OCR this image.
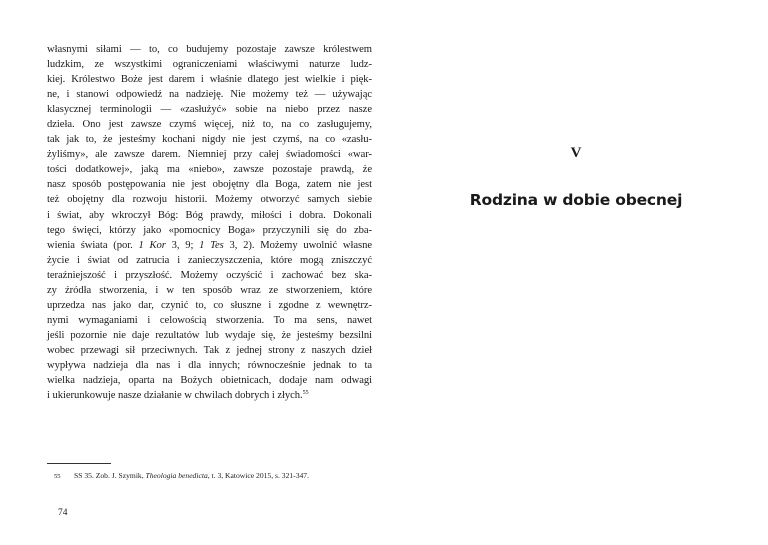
własnymi siłami — to, co budujemy pozostaje zawsze królestwem
ludzkim, ze wszystkimi ograniczeniami właściwymi naturze ludz-
kiej. Królestwo Boże jest darem i właśnie dlatego jest wielkie i pięk-
ne, i stanowi odpowiedź na nadzieję. Nie możemy też — używając
klasycznej terminologii — «zasłużyć» sobie na niebo przez nasze
dzieła. Ono jest zawsze czymś więcej, niż to, na co zasługujemy,
tak jak to, że jesteśmy kochani nigdy nie jest czymś, na co «zasłu-
żyliśmy», ale zawsze darem. Niemniej przy całej świadomości «war-
tości dodatkowej», jaką ma «niebo», zawsze pozostaje prawdą, że
nasz sposób postępowania nie jest obojętny dla Boga, zatem nie jest
też obojętny dla rozwoju historii. Możemy otworzyć samych siebie
i świat, aby wkroczył Bóg: Bóg prawdy, miłości i dobra. Dokonali
tego święci, którzy jako «pomocnicy Boga» przyczynili się do zba-
wienia świata (por. 1 Kor 3, 9; 1 Tes 3, 2). Możemy uwolnić własne
życie i świat od zatrucia i zanieczyszczenia, które mogą zniszczyć
teraźniejszość i przyszłość. Możemy oczyścić i zachować bez ska-
zy źródła stworzenia, i w ten sposób wraz ze stworzeniem, które
uprzedza nas jako dar, czynić to, co słuszne i zgodne z wewnętrz-
nymi wymaganiami i celowością stworzenia. To ma sens, nawet
jeśli pozornie nie daje rezultatów lub wydaje się, że jesteśmy bezsilni
wobec przewagi sił przeciwnych. Tak z jednej strony z naszych dzieł
wypływa nadzieja dla nas i dla innych; równocześnie jednak to ta
wielka nadzieja, oparta na Bożych obietnicach, dodaje nam odwagi
i ukierunkowuje nasze działanie w chwilach dobrych i złych.$^{55}$
55 SS 35. Zob. J. Szymik, Theologia benedicta, t. 3, Katowice 2015, s. 321-347.
74
V
Rodzina w dobie obecnej
